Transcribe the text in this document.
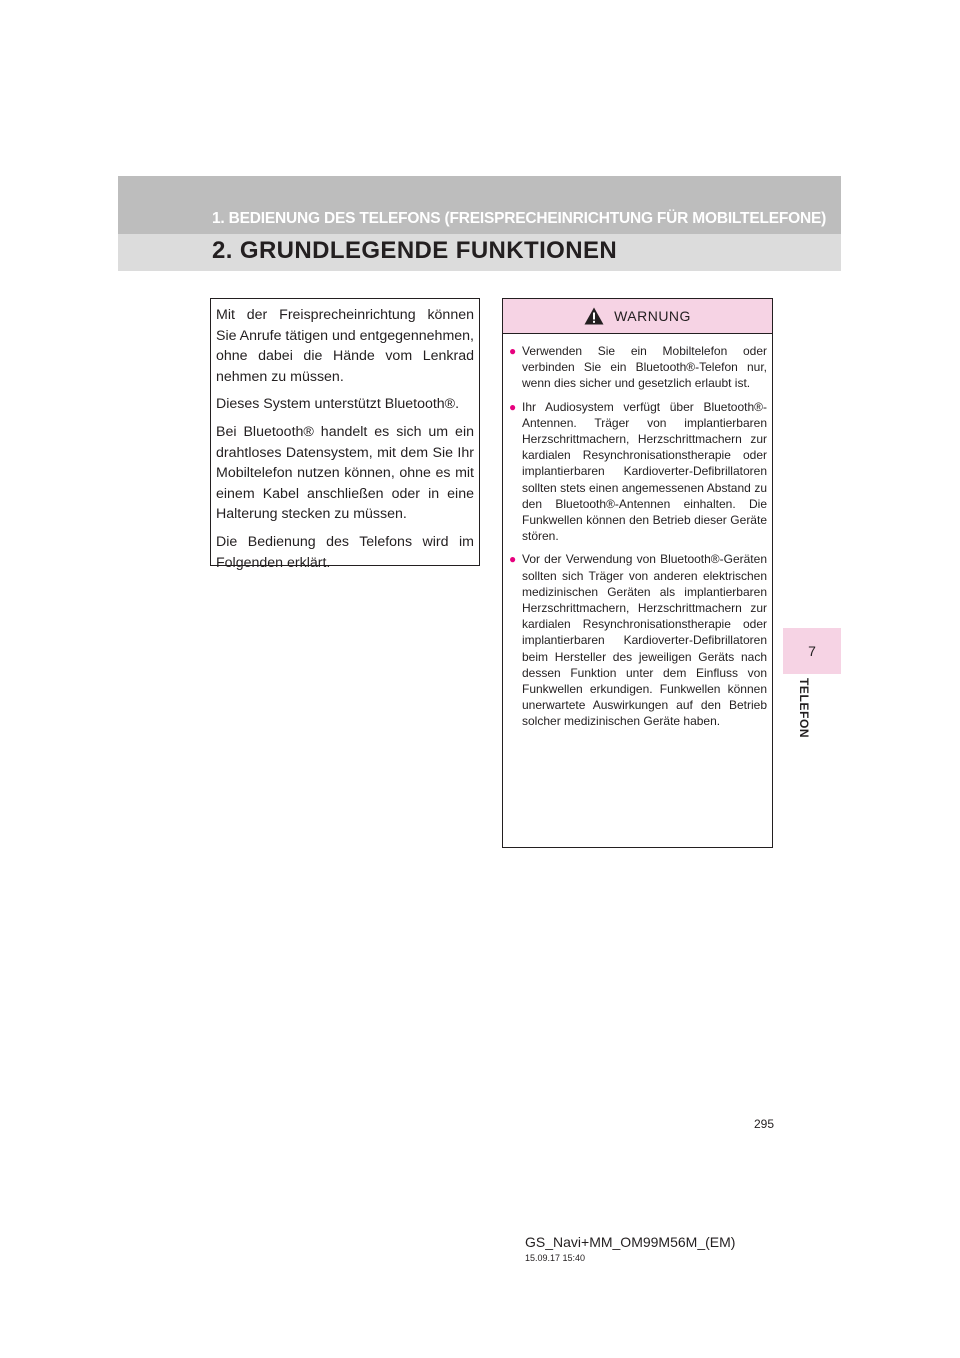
1. BEDIENUNG DES TELEFONS (FREISPRECHEINRICHTUNG FÜR MOBILTELEFONE)
2. GRUNDLEGENDE FUNKTIONEN
7
TELEFON

Mit der Freisprecheinrichtung können Sie Anrufe tätigen und entgegennehmen, ohne dabei die Hände vom Lenkrad nehmen zu müssen.

Dieses System unterstützt Bluetooth®.

Bei Bluetooth® handelt es sich um ein drahtloses Datensystem, mit dem Sie Ihr Mobiltelefon nutzen können, ohne es mit einem Kabel anschließen oder in eine Halterung stecken zu müssen.

Die Bedienung des Telefons wird im Folgenden erklärt.

WARNUNG
● Verwenden Sie ein Mobiltelefon oder verbinden Sie ein Bluetooth®-Telefon nur, wenn dies sicher und gesetzlich erlaubt ist.
● Ihr Audiosystem verfügt über Bluetooth®-Antennen. Träger von implantierbaren Herzschrittmachern, Herzschrittmachern zur kardialen Resynchronisationstherapie oder implantierbaren Kardioverter-Defibrillatoren sollten stets einen angemessenen Abstand zu den Bluetooth®-Antennen einhalten. Die Funkwellen können den Betrieb dieser Geräte stören.
● Vor der Verwendung von Bluetooth®-Geräten sollten sich Träger von anderen elektrischen medizinischen Geräten als implantierbaren Herzschrittmachern, Herzschrittmachern zur kardialen Resynchronisationstherapie oder implantierbaren Kardioverter-Defibrillatoren beim Hersteller des jeweiligen Geräts nach dessen Funktion unter dem Einfluss von Funkwellen erkundigen. Funkwellen können unerwartete Auswirkungen auf den Betrieb solcher medizinischen Geräte haben.
295
GS_Navi+MM_OM99M56M_(EM)
15.09.17 15:40
